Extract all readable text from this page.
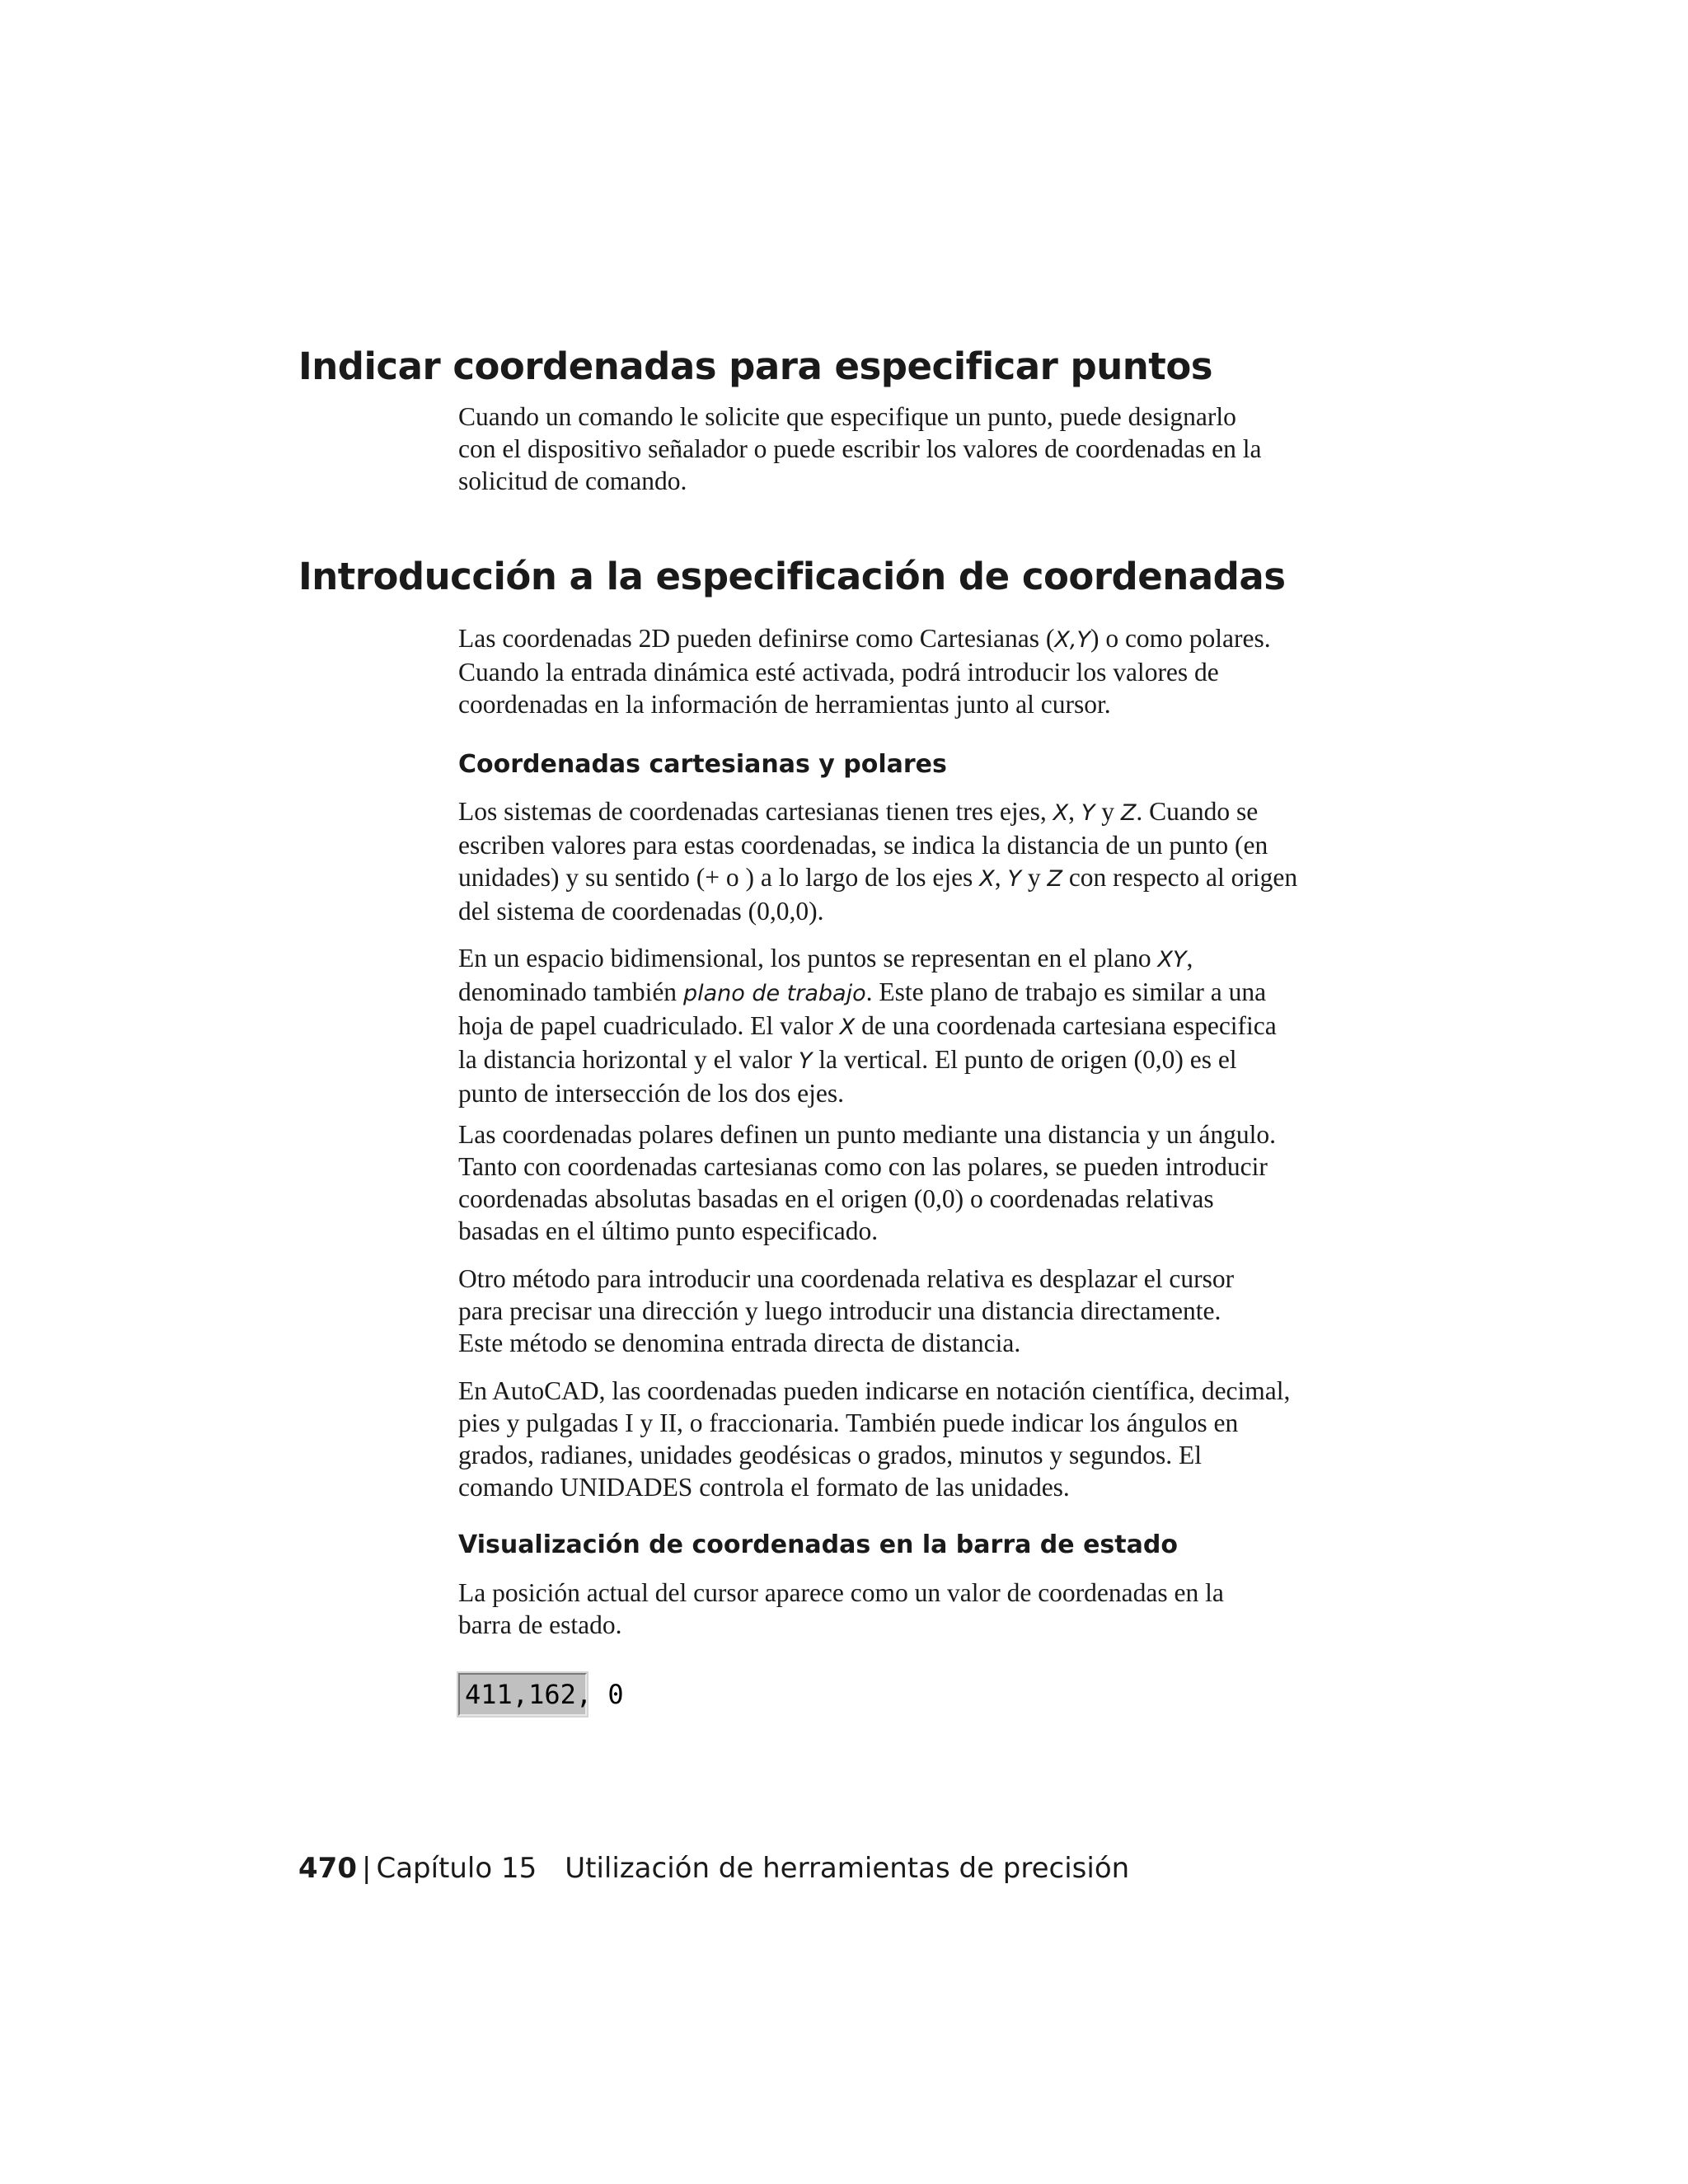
Indicar coordenadas para especificar puntos

Cuando un comando le solicite que especifique un punto, puede designarlo
con el dispositivo señalador o puede escribir los valores de coordenadas en la
solicitud de comando.

Introducción a la especificación de coordenadas

Las coordenadas 2D pueden definirse como Cartesianas (X,Y) o como polares.
Cuando la entrada dinámica esté activada, podrá introducir los valores de
coordenadas en la información de herramientas junto al cursor.

Coordenadas cartesianas y polares

Los sistemas de coordenadas cartesianas tienen tres ejes, X, Y y Z. Cuando se
escriben valores para estas coordenadas, se indica la distancia de un punto (en
unidades) y su sentido (+ o ) a lo largo de los ejes X, Y y Z con respecto al origen
del sistema de coordenadas (0,0,0).

En un espacio bidimensional, los puntos se representan en el plano XY,
denominado también plano de trabajo. Este plano de trabajo es similar a una
hoja de papel cuadriculado. El valor X de una coordenada cartesiana especifica
la distancia horizontal y el valor Y la vertical. El punto de origen (0,0) es el
punto de intersección de los dos ejes.

Las coordenadas polares definen un punto mediante una distancia y un ángulo.
Tanto con coordenadas cartesianas como con las polares, se pueden introducir
coordenadas absolutas basadas en el origen (0,0) o coordenadas relativas
basadas en el último punto especificado.

Otro método para introducir una coordenada relativa es desplazar el cursor
para precisar una dirección y luego introducir una distancia directamente.
Este método se denomina entrada directa de distancia.

En AutoCAD, las coordenadas pueden indicarse en notación científica, decimal,
pies y pulgadas I y II, o fraccionaria. También puede indicar los ángulos en
grados, radianes, unidades geodésicas o grados, minutos y segundos. El
comando UNIDADES controla el formato de las unidades.

Visualización de coordenadas en la barra de estado

La posición actual del cursor aparece como un valor de coordenadas en la
barra de estado.

411,162, 0
470 | Capítulo 15 Utilización de herramientas de precisión
